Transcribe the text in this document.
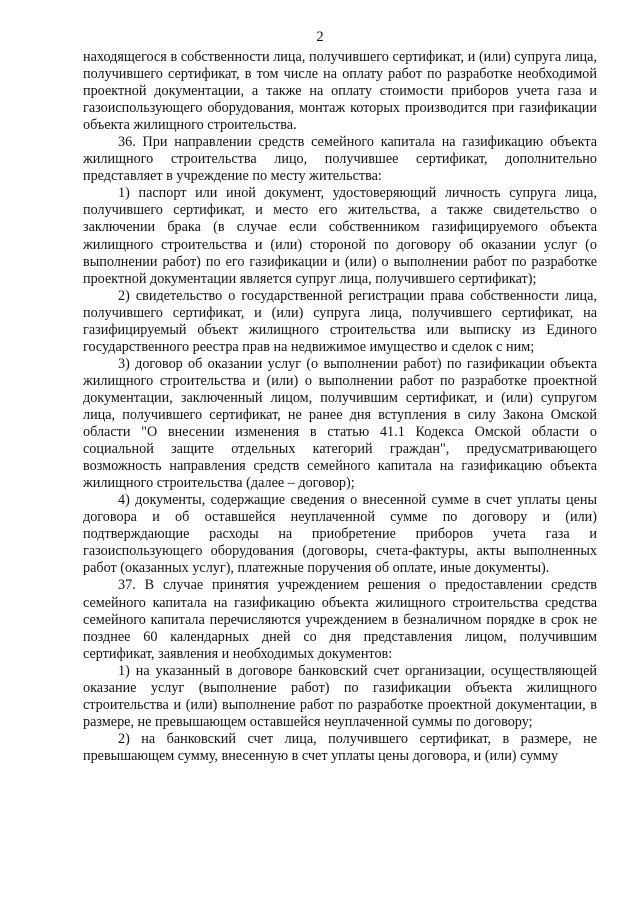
2

находящегося в собственности лица, получившего сертификат, и (или) супруга лица, получившего сертификат, в том числе на оплату работ по разработке необходимой проектной документации, а также на оплату стоимости приборов учета газа и газоиспользующего оборудования, монтаж которых производится при газификации объекта жилищного строительства.

36. При направлении средств семейного капитала на газификацию объекта жилищного строительства лицо, получившее сертификат, дополнительно представляет в учреждение по месту жительства:

1) паспорт или иной документ, удостоверяющий личность супруга лица, получившего сертификат, и место его жительства, а также свидетельство о заключении брака (в случае если собственником газифицируемого объекта жилищного строительства и (или) стороной по договору об оказании услуг (о выполнении работ) по его газификации и (или) о выполнении работ по разработке проектной документации является супруг лица, получившего сертификат);

2) свидетельство о государственной регистрации права собственности лица, получившего сертификат, и (или) супруга лица, получившего сертификат, на газифицируемый объект жилищного строительства или выписку из Единого государственного реестра прав на недвижимое имущество и сделок с ним;

3) договор об оказании услуг (о выполнении работ) по газификации объекта жилищного строительства и (или) о выполнении работ по разработке проектной документации, заключенный лицом, получившим сертификат, и (или) супругом лица, получившего сертификат, не ранее дня вступления в силу Закона Омской области "О внесении изменения в статью 41.1 Кодекса Омской области о социальной защите отдельных категорий граждан", предусматривающего возможность направления средств семейного капитала на газификацию объекта жилищного строительства (далее – договор);

4) документы, содержащие сведения о внесенной сумме в счет уплаты цены договора и об оставшейся неуплаченной сумме по договору и (или) подтверждающие расходы на приобретение приборов учета газа и газоиспользующего оборудования (договоры, счета-фактуры, акты выполненных работ (оказанных услуг), платежные поручения об оплате, иные документы).

37. В случае принятия учреждением решения о предоставлении средств семейного капитала на газификацию объекта жилищного строительства средства семейного капитала перечисляются учреждением в безналичном порядке в срок не позднее 60 календарных дней со дня представления лицом, получившим сертификат, заявления и необходимых документов:

1) на указанный в договоре банковский счет организации, осуществляющей оказание услуг (выполнение работ) по газификации объекта жилищного строительства и (или) выполнение работ по разработке проектной документации, в размере, не превышающем оставшейся неуплаченной суммы по договору;

2) на банковский счет лица, получившего сертификат, в размере, не превышающем сумму, внесенную в счет уплаты цены договора, и (или) сумму
